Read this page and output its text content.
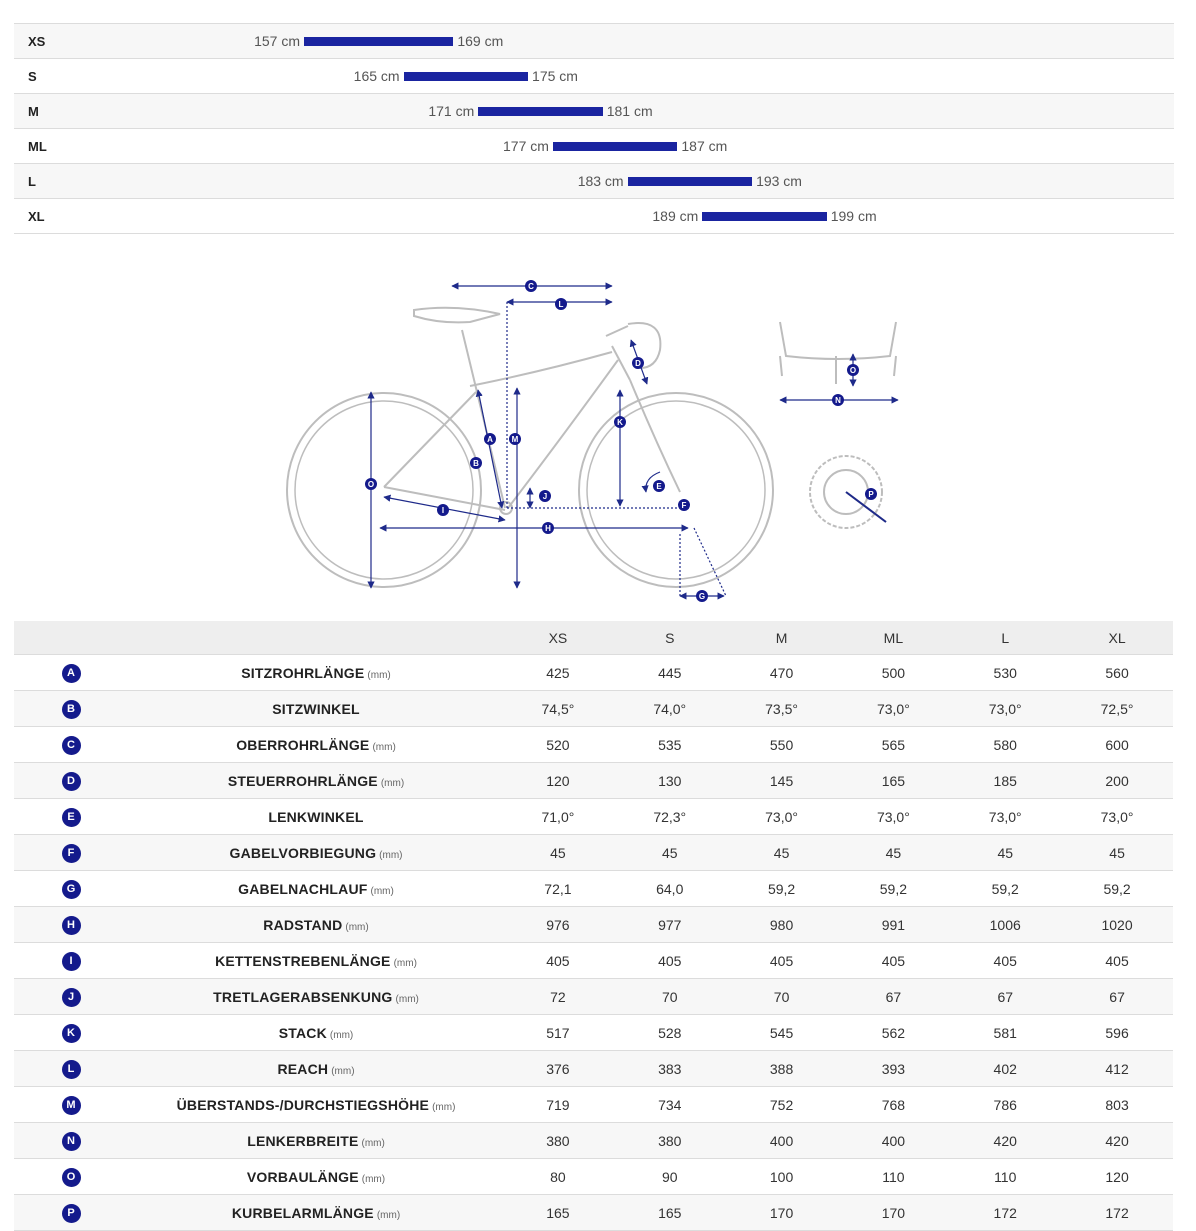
XS	157 cm	169 cm
S	165 cm	175 cm
M	171 cm	181 cm
ML	177 cm	187 cm
L	183 cm	193 cm
XL	189 cm	199 cm
A
B
C
D
E
F
G
H
I
J
K
L
M
N
O
P
O
		XS	S	M	ML	L	XL
A	SITZROHRLÄNGE (mm)	425	445	470	500	530	560
B	SITZWINKEL	74,5°	74,0°	73,5°	73,0°	73,0°	72,5°
C	OBERROHRLÄNGE (mm)	520	535	550	565	580	600
D	STEUERROHRLÄNGE (mm)	120	130	145	165	185	200
E	LENKWINKEL	71,0°	72,3°	73,0°	73,0°	73,0°	73,0°
F	GABELVORBIEGUNG (mm)	45	45	45	45	45	45
G	GABELNACHLAUF (mm)	72,1	64,0	59,2	59,2	59,2	59,2
H	RADSTAND (mm)	976	977	980	991	1006	1020
I	KETTENSTREBENLÄNGE (mm)	405	405	405	405	405	405
J	TRETLAGERABSENKUNG (mm)	72	70	70	67	67	67
K	STACK (mm)	517	528	545	562	581	596
L	REACH (mm)	376	383	388	393	402	412
M	ÜBERSTANDS-/DURCHSTIEGSHÖHE (mm)	719	734	752	768	786	803
N	LENKERBREITE (mm)	380	380	400	400	420	420
O	VORBAULÄNGE (mm)	80	90	100	110	110	120
P	KURBELARMLÄNGE (mm)	165	165	170	170	172	172
